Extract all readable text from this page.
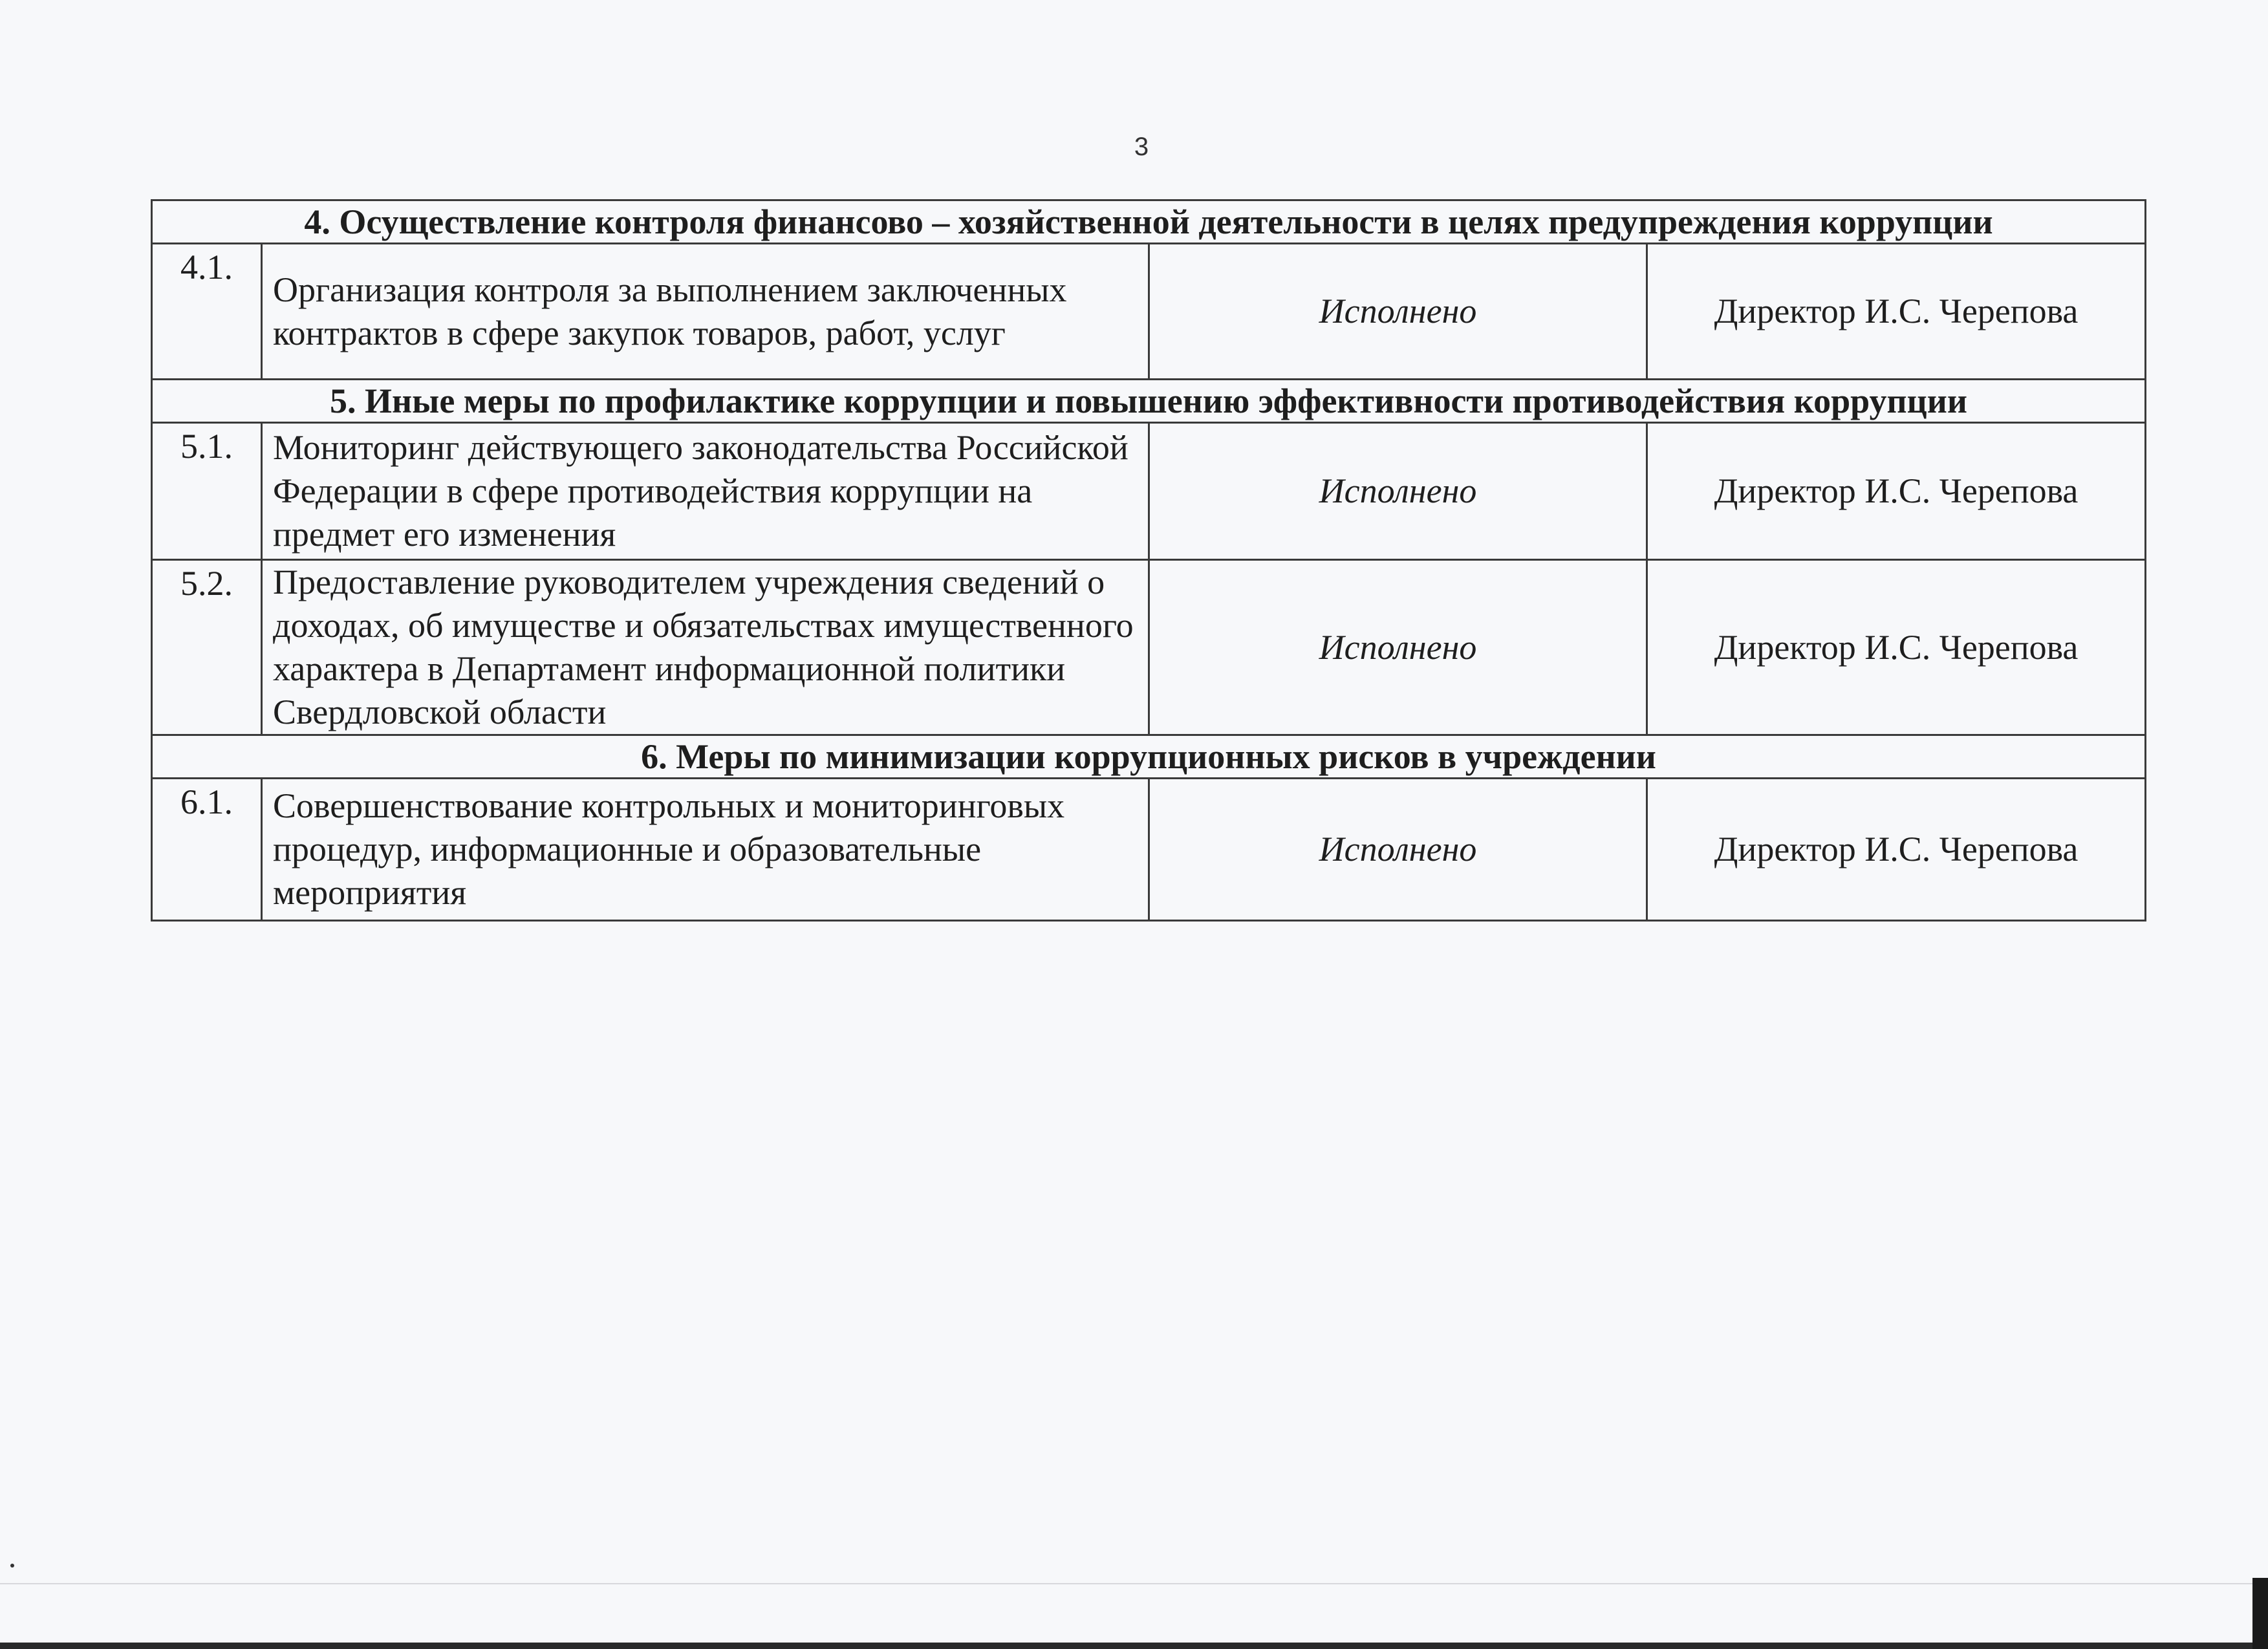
3
4. Осуществление контроля финансово – хозяйственной деятельности в целях предупреждения коррупции			
4.1.	Организация контроля за выполнением заключенных контрактов в сфере закупок товаров, работ, услуг	Исполнено	Директор И.С. Черепова
5. Иные меры по профилактике коррупции и повышению эффективности противодействия коррупции			
5.1.	Мониторинг действующего законодательства Российской Федерации в сфере противодействия коррупции на предмет его изменения	Исполнено	Директор И.С. Черепова
5.2.	Предоставление руководителем учреждения сведений о доходах, об имуществе и обязательствах имущественного характера в Департамент информационной политики Свердловской области	Исполнено	Директор И.С. Черепова
6. Меры по минимизации коррупционных рисков в учреждении			
6.1.	Совершенствование контрольных и мониторинговых процедур, информационные и образовательные мероприятия	Исполнено	Директор И.С. Черепова
